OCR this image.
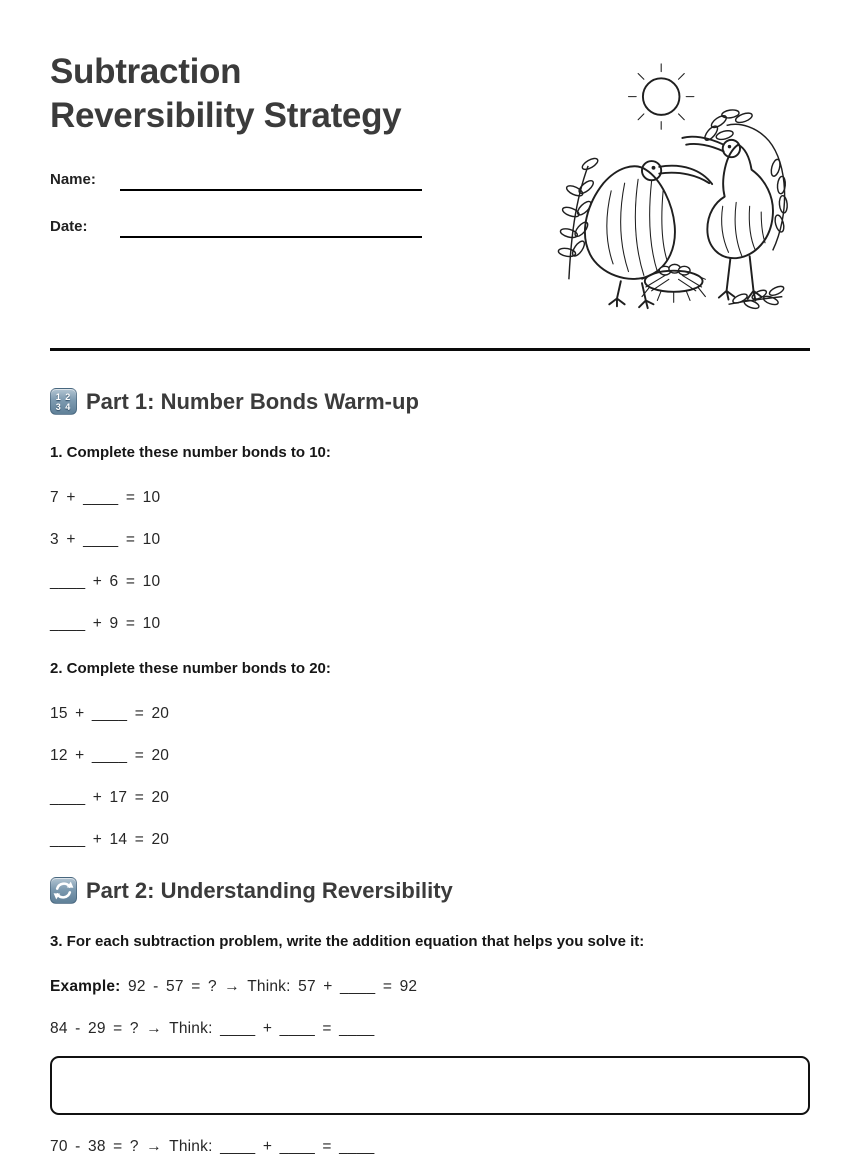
Subtraction
Reversibility Strategy
Name:
Date:
1 2
3 4 Part 1: Number Bonds Warm-up

1. Complete these number bonds to 10:

7 + ____ = 10

3 + ____ = 10

____ + 6 = 10

____ + 9 = 10

2. Complete these number bonds to 20:

15 + ____ = 20

12 + ____ = 20

____ + 17 = 20

____ + 14 = 20

Part 2: Understanding Reversibility

3. For each subtraction problem, write the addition equation that helps you solve it:

Example: 92 - 57 = ? → Think: 57 + ____ = 92

84 - 29 = ? → Think: ____ + ____ = ____

70 - 38 = ? → Think: ____ + ____ = ____
